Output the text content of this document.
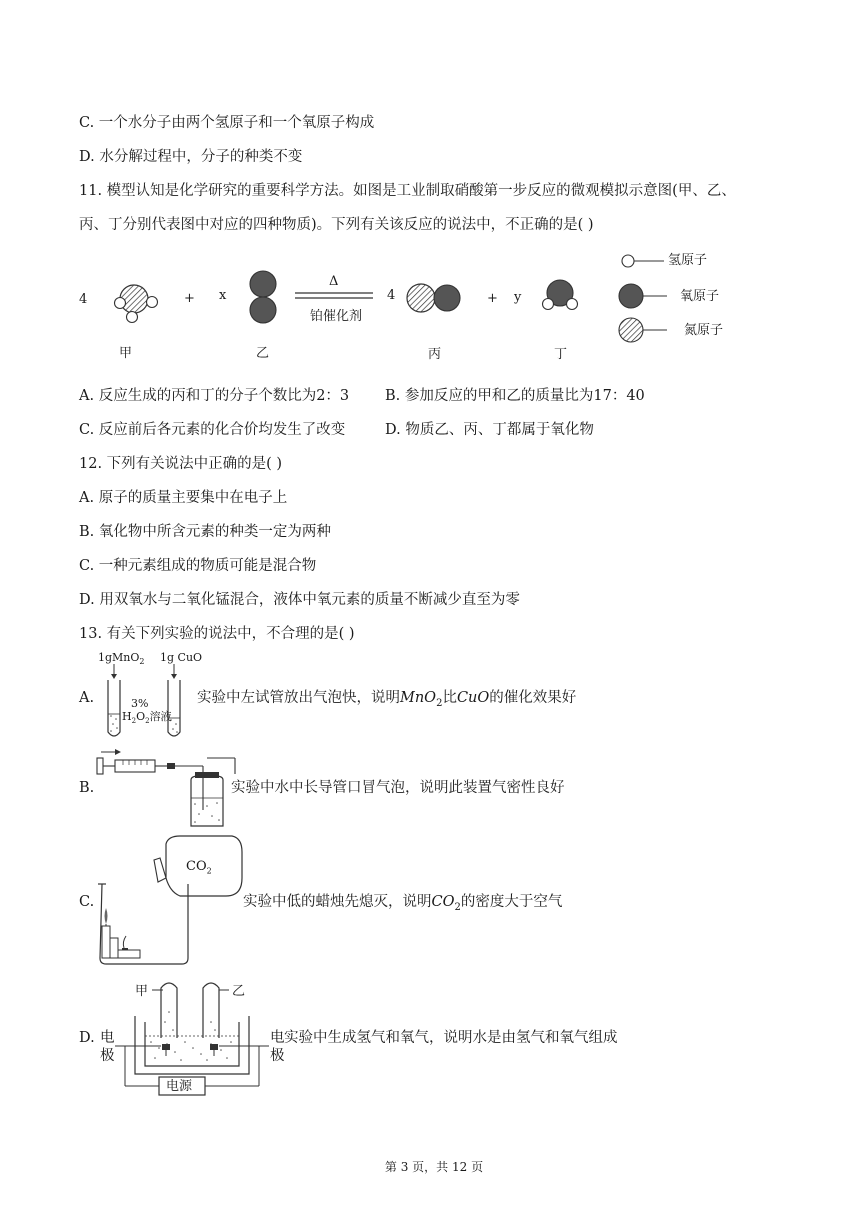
C. 一个水分子由两个氢原子和一个氧原子构成
D. 水分解过程中，分子的种类不变
11. 模型认知是化学研究的重要科学方法。如图是工业制取硝酸第一步反应的微观模拟示意图(甲、乙、
丙、丁分别代表图中对应的四种物质)。下列有关该反应的说法中，不正确的是( )
4	+ x
Δ
铂催化剂
4	+ y
甲	乙	丙	丁
氢原子
氧原子
氮原子
A. 反应生成的丙和丁的分子个数比为2：3 B. 参加反应的甲和乙的质量比为17：40
C. 反应前后各元素的化合价均发生了改变	D. 物质乙、丙、丁都属于氧化物
12. 下列有关说法中正确的是( )
A. 原子的质量主要集中在电子上
B. 氧化物中所含元素的种类一定为两种
C. 一种元素组成的物质可能是混合物
D. 用双氧水与二氧化锰混合，液体中氧元素的质量不断减少直至为零
13. 有关下列实验的说法中，不合理的是( )
A.
1gMnO$_2$ 1g CuO
3%
$H_2O_2$溶液
实验中左试管放出气泡快，说明MnO$_2$比CuO的催化效果好
B.	实验中水中长导管口冒气泡，说明此装置气密性良好
C.
$CO_2$
实验中低的蜡烛先熄灭，说明$CO_2$的密度大于空气
D. 电
极
电
极
甲	乙
电源
实验中生成氢气和氧气，说明水是由氢气和氧气组成
第 3 页，共 12 页
